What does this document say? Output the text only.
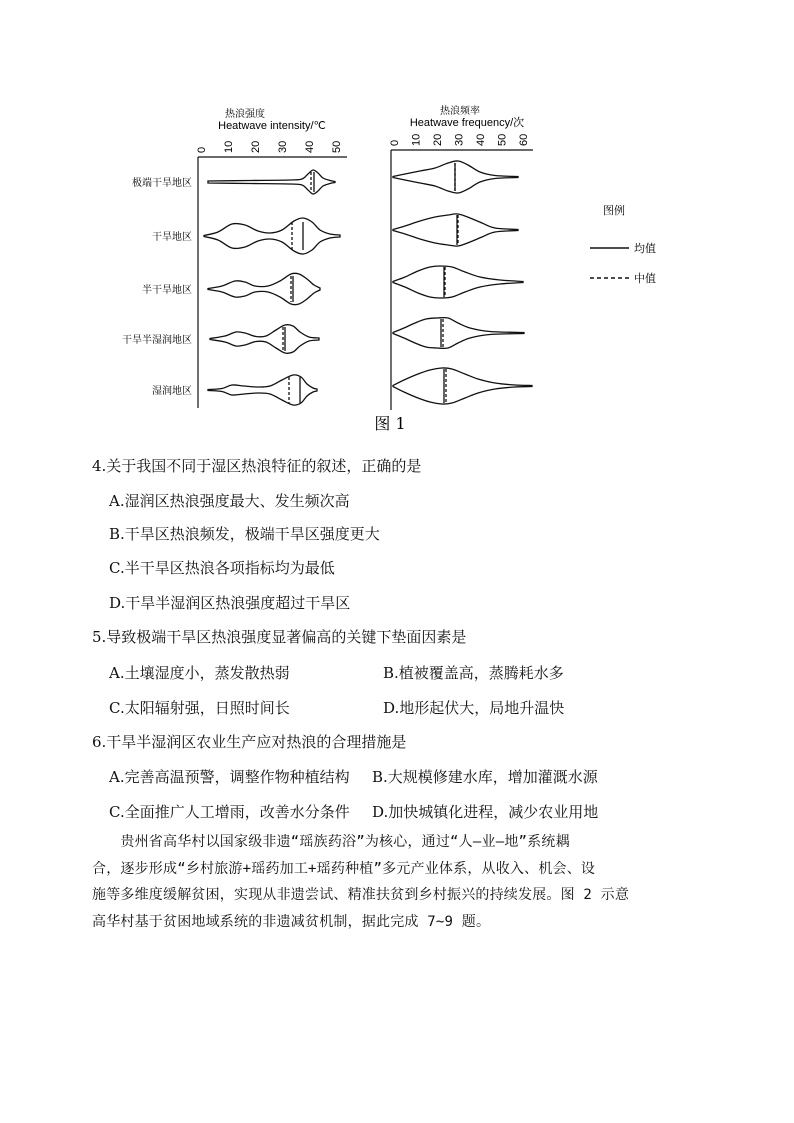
热浪强度
Heatwave intensity/℃
0 10 20 30 40 50
极端干旱地区
干旱地区
半干旱地区
干旱半湿润地区
湿润地区
热浪频率
Heatwave frequency/次
0 10 20 30 40 50 60
图例
均值
中值
图 1
4.关于我国不同于湿区热浪特征的叙述，正确的是
A.湿润区热浪强度最大、发生频次高
B.干旱区热浪频发，极端干旱区强度更大
C.半干旱区热浪各项指标均为最低
D.干旱半湿润区热浪强度超过干旱区
5.导致极端干旱区热浪强度显著偏高的关键下垫面因素是
A.土壤湿度小，蒸发散热弱	B.植被覆盖高，蒸腾耗水多
C.太阳辐射强，日照时间长	D.地形起伏大，局地升温快
6.干旱半湿润区农业生产应对热浪的合理措施是
A.完善高温预警，调整作物种植结构 B.大规模修建水库，增加灌溉水源
C.全面推广人工增雨，改善水分条件 D.加快城镇化进程，减少农业用地
　　贵州省高华村以国家级非遗“瑶族药浴”为核心，通过“人—业—地”系统耦
合，逐步形成“乡村旅游+瑶药加工+瑶药种植”多元产业体系，从收入、机会、设
施等多维度缓解贫困，实现从非遗尝试、精准扶贫到乡村振兴的持续发展。图 2 示意
高华村基于贫困地域系统的非遗减贫机制，据此完成 7~9 题。
